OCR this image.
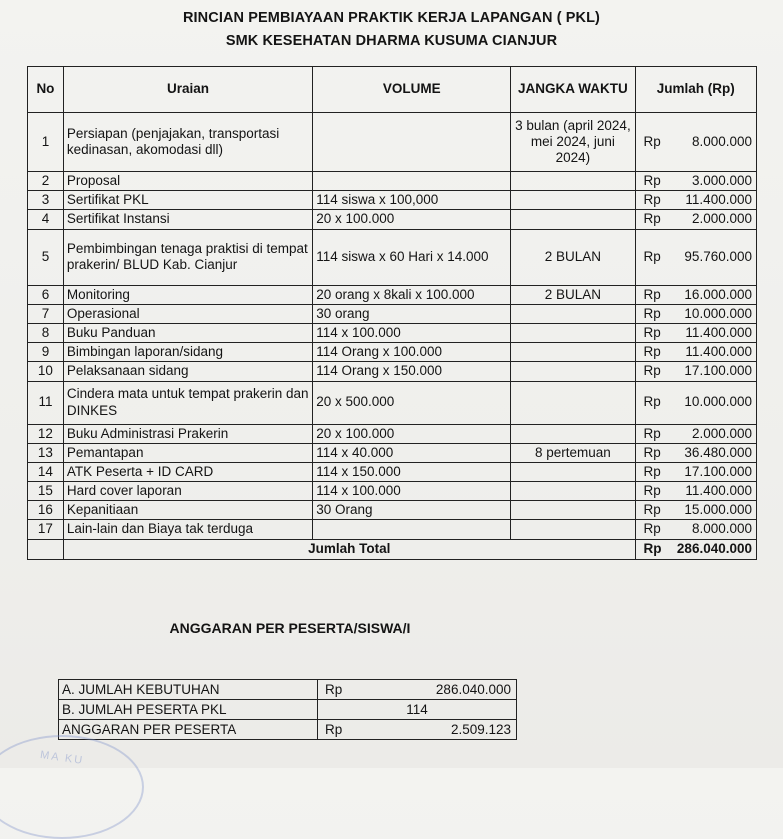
RINCIAN PEMBIAYAAN PRAKTIK KERJA LAPANGAN ( PKL)
SMK KESEHATAN DHARMA KUSUMA CIANJUR
No	Uraian	VOLUME	JANGKA WAKTU	Jumlah (Rp)
1	Persiapan (penjajakan, transportasi kedinasan, akomodasi dll)		3 bulan (april 2024, mei 2024, juni 2024)	Rp 8.000.000

2	Proposal			Rp 3.000.000

3	Sertifikat PKL	114 siswa x 100,000		Rp 11.400.000

4	Sertifikat Instansi	20 x 100.000		Rp 2.000.000

5	Pembimbingan tenaga praktisi di tempat prakerin/ BLUD Kab. Cianjur	114 siswa x 60 Hari x 14.000	2 BULAN	Rp 95.760.000

6	Monitoring	20 orang x 8kali x 100.000	2 BULAN	Rp 16.000.000

7	Operasional	30 orang		Rp 10.000.000

8	Buku Panduan	114 x 100.000		Rp 11.400.000

9	Bimbingan laporan/sidang	114 Orang x 100.000		Rp 11.400.000

10	Pelaksanaan sidang	114 Orang x 150.000		Rp 17.100.000

11	Cindera mata untuk tempat prakerin dan DINKES	20 x 500.000		Rp 10.000.000

12	Buku Administrasi Prakerin	20 x 100.000		Rp 2.000.000

13	Pemantapan	114 x 40.000	8 pertemuan	Rp 36.480.000

14	ATK Peserta + ID CARD	114 x 150.000		Rp 17.100.000

15	Hard cover laporan	114 x 100.000		Rp 11.400.000

16	Kepanitiaan	30 Orang		Rp 15.000.000

17	Lain-lain dan Biaya tak terduga			Rp 8.000.000

	Jumlah Total			Rp 286.040.000
ANGGARAN PER PESERTA/SISWA/I
A. JUMLAH KEBUTUHAN	Rp 286.040.000

B. JUMLAH PESERTA PKL	114
ANGGARAN PER PESERTA	Rp 2.509.123
MA KU
